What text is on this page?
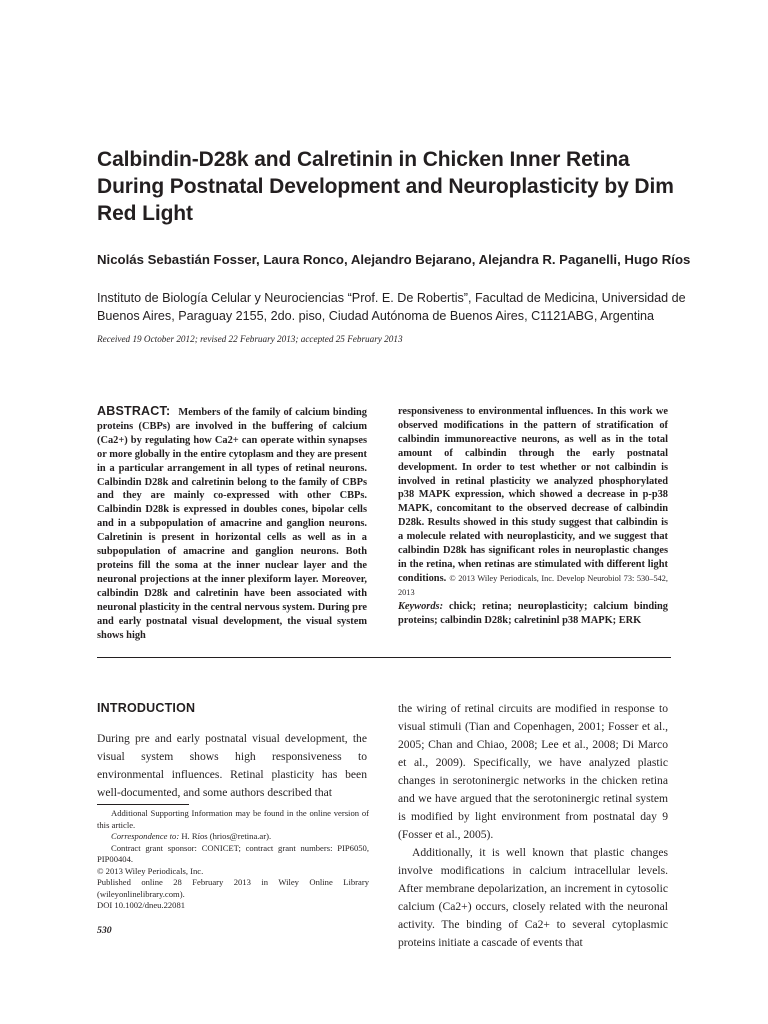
Calbindin-D28k and Calretinin in Chicken Inner Retina During Postnatal Development and Neuroplasticity by Dim Red Light

Nicolás Sebastián Fosser, Laura Ronco, Alejandro Bejarano, Alejandra R. Paganelli, Hugo Ríos

Instituto de Biología Celular y Neurociencias “Prof. E. De Robertis”, Facultad de Medicina, Universidad de Buenos Aires, Paraguay 2155, 2do. piso, Ciudad Autónoma de Buenos Aires, C1121ABG, Argentina

Received 19 October 2012; revised 22 February 2013; accepted 25 February 2013

ABSTRACT: Members of the family of calcium binding proteins (CBPs) are involved in the buffering of calcium (Ca2+) by regulating how Ca2+ can operate within synapses or more globally in the entire cytoplasm and they are present in a particular arrangement in all types of retinal neurons. Calbindin D28k and calretinin belong to the family of CBPs and they are mainly co-expressed with other CBPs. Calbindin D28k is expressed in doubles cones, bipolar cells and in a subpopulation of amacrine and ganglion neurons. Calretinin is present in horizontal cells as well as in a subpopulation of amacrine and ganglion neurons. Both proteins fill the soma at the inner nuclear layer and the neuronal projections at the inner plexiform layer. Moreover, calbindin D28k and calretinin have been associated with neuronal plasticity in the central nervous system. During pre and early postnatal visual development, the visual system shows high
responsiveness to environmental influences. In this work we observed modifications in the pattern of stratification of calbindin immunoreactive neurons, as well as in the total amount of calbindin through the early postnatal development. In order to test whether or not calbindin is involved in retinal plasticity we analyzed phosphorylated p38 MAPK expression, which showed a decrease in p-p38 MAPK, concomitant to the observed decrease of calbindin D28k. Results showed in this study suggest that calbindin is a molecule related with neuroplasticity, and we suggest that calbindin D28k has significant roles in neuroplastic changes in the retina, when retinas are stimulated with different light conditions. © 2013 Wiley Periodicals, Inc. Develop Neurobiol 73: 530–542, 2013
Keywords: chick; retina; neuroplasticity; calcium binding proteins; calbindin D28k; calretininl p38 MAPK; ERK
INTRODUCTION

During pre and early postnatal visual development, the visual system shows high responsiveness to environmental influences. Retinal plasticity has been well-documented, and some authors described that

Additional Supporting Information may be found in the online version of this article.
Correspondence to: H. Ríos (hrios@retina.ar).
Contract grant sponsor: CONICET; contract grant numbers: PIP6050, PIP00404.
© 2013 Wiley Periodicals, Inc.
Published online 28 February 2013 in Wiley Online Library (wileyonlinelibrary.com).
DOI 10.1002/dneu.22081

530

the wiring of retinal circuits are modified in response to visual stimuli (Tian and Copenhagen, 2001; Fosser et al., 2005; Chan and Chiao, 2008; Lee et al., 2008; Di Marco et al., 2009). Specifically, we have analyzed plastic changes in serotoninergic networks in the chicken retina and we have argued that the serotoninergic retinal system is modified by light environment from postnatal day 9 (Fosser et al., 2005).

Additionally, it is well known that plastic changes involve modifications in calcium intracellular levels. After membrane depolarization, an increment in cytosolic calcium (Ca2+) occurs, closely related with the neuronal activity. The binding of Ca2+ to several cytoplasmic proteins initiate a cascade of events that
